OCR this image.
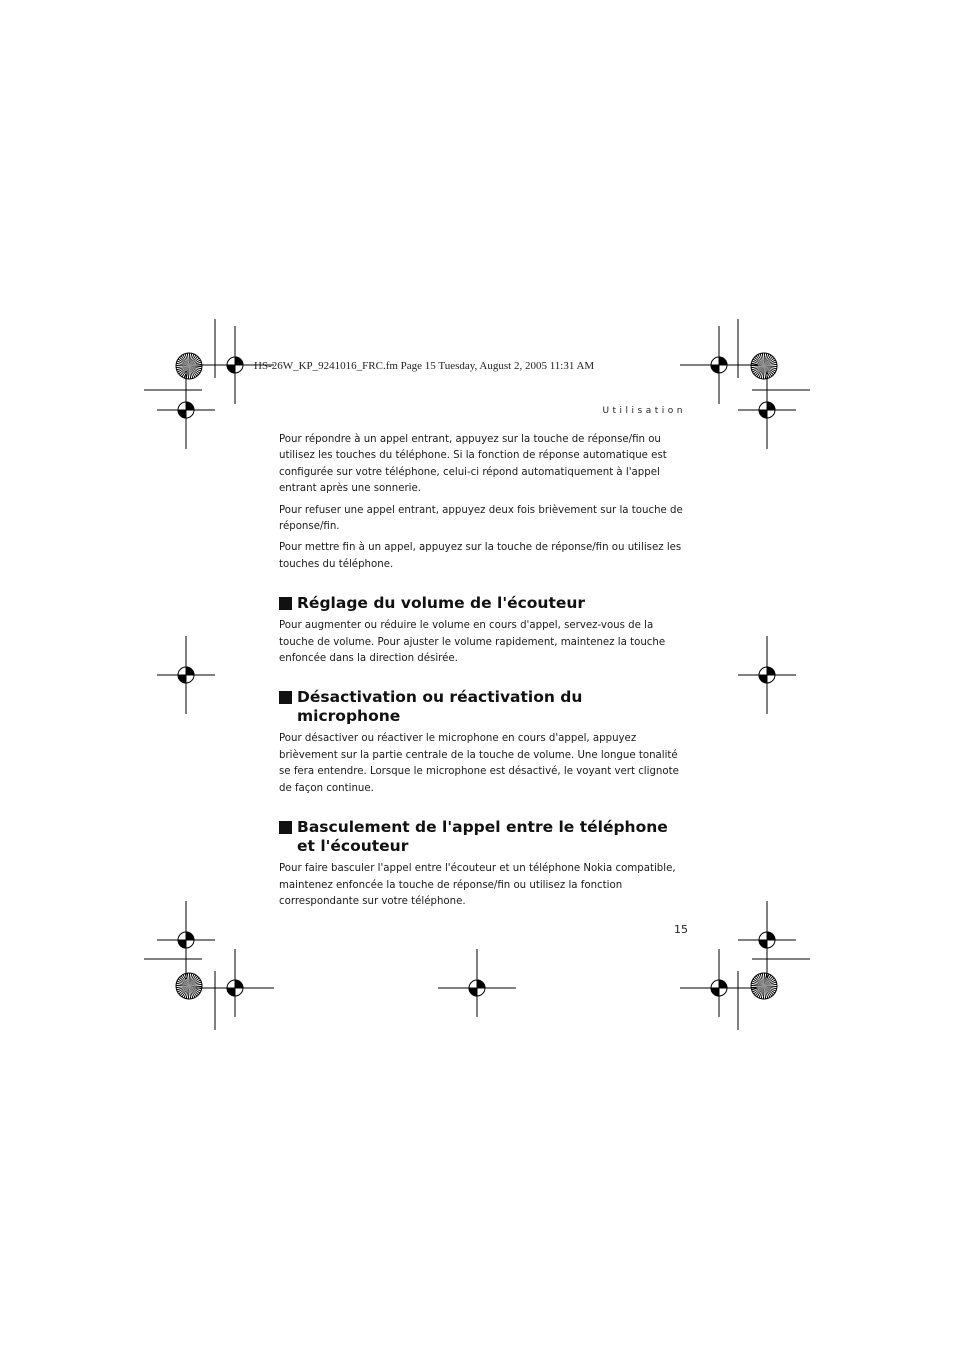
HS-26W_KP_9241016_FRC.fm Page 15 Tuesday, August 2, 2005 11:31 AM
Utilisation

Pour répondre à un appel entrant, appuyez sur la touche de réponse/fin ou utilisez les touches du téléphone. Si la fonction de réponse automatique est configurée sur votre téléphone, celui-ci répond automatiquement à l'appel entrant après une sonnerie.

Pour refuser une appel entrant, appuyez deux fois brièvement sur la touche de réponse/fin.

Pour mettre fin à un appel, appuyez sur la touche de réponse/fin ou utilisez les touches du téléphone.

Réglage du volume de l'écouteur

Pour augmenter ou réduire le volume en cours d'appel, servez-vous de la touche de volume. Pour ajuster le volume rapidement, maintenez la touche enfoncée dans la direction désirée.

Désactivation ou réactivation du microphone

Pour désactiver ou réactiver le microphone en cours d'appel, appuyez brièvement sur la partie centrale de la touche de volume. Une longue tonalité se fera entendre. Lorsque le microphone est désactivé, le voyant vert clignote de façon continue.

Basculement de l'appel entre le téléphone et l'écouteur

Pour faire basculer l'appel entre l'écouteur et un téléphone Nokia compatible, maintenez enfoncée la touche de réponse/fin ou utilisez la fonction correspondante sur votre téléphone.

15
